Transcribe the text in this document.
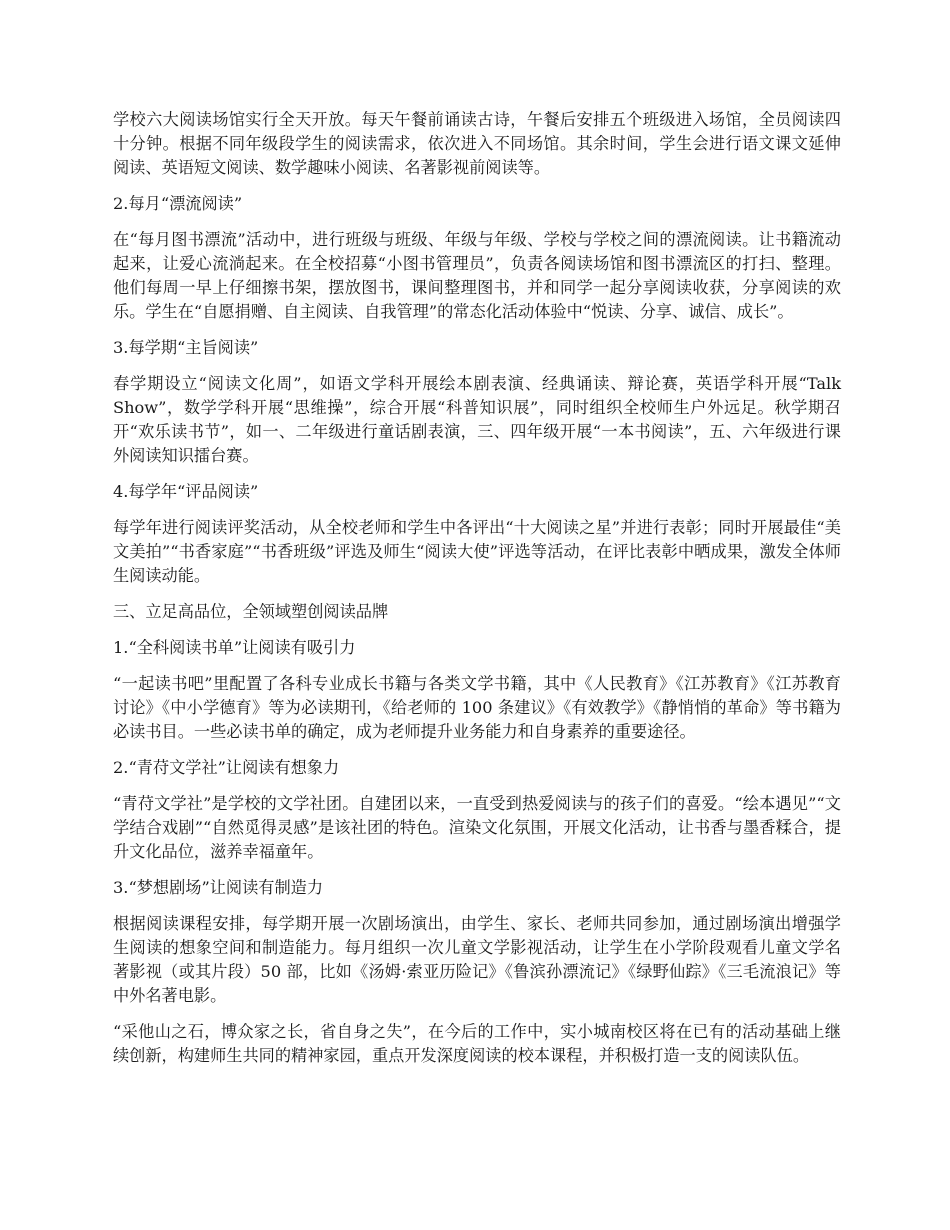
学校六大阅读场馆实行全天开放。每天午餐前诵读古诗，午餐后安排五个班级进入场馆，全员阅读四十分钟。根据不同年级段学生的阅读需求，依次进入不同场馆。其余时间，学生会进行语文课文延伸阅读、英语短文阅读、数学趣味小阅读、名著影视前阅读等。

2.每月“漂流阅读”

在“每月图书漂流”活动中，进行班级与班级、年级与年级、学校与学校之间的漂流阅读。让书籍流动起来，让爱心流淌起来。在全校招募“小图书管理员”，负责各阅读场馆和图书漂流区的打扫、整理。他们每周一早上仔细擦书架，摆放图书，课间整理图书，并和同学一起分享阅读收获，分享阅读的欢乐。学生在“自愿捐赠、自主阅读、自我管理”的常态化活动体验中“悦读、分享、诚信、成长”。

3.每学期“主旨阅读”

春学期设立“阅读文化周”，如语文学科开展绘本剧表演、经典诵读、辩论赛，英语学科开展“Talk Show”，数学学科开展“思维操”，综合开展“科普知识展”，同时组织全校师生户外远足。秋学期召开“欢乐读书节”，如一、二年级进行童话剧表演，三、四年级开展“一本书阅读”，五、六年级进行课外阅读知识擂台赛。

4.每学年“评品阅读”

每学年进行阅读评奖活动，从全校老师和学生中各评出“十大阅读之星”并进行表彰；同时开展最佳“美文美拍”“书香家庭”“书香班级”评选及师生“阅读大使”评选等活动，在评比表彰中晒成果，激发全体师生阅读动能。

三、立足高品位，全领域塑创阅读品牌

1.“全科阅读书单”让阅读有吸引力

“一起读书吧”里配置了各科专业成长书籍与各类文学书籍，其中《人民教育》《江苏教育》《江苏教育讨论》《中小学德育》等为必读期刊，《给老师的 100 条建议》《有效教学》《静悄悄的革命》等书籍为必读书目。一些必读书单的确定，成为老师提升业务能力和自身素养的重要途径。

2.“青苻文学社”让阅读有想象力

“青苻文学社”是学校的文学社团。自建团以来，一直受到热爱阅读与的孩子们的喜爱。“绘本遇见”“文学结合戏剧”“自然觅得灵感”是该社团的特色。渲染文化氛围，开展文化活动，让书香与墨香糅合，提升文化品位，滋养幸福童年。

3.“梦想剧场”让阅读有制造力

根据阅读课程安排，每学期开展一次剧场演出，由学生、家长、老师共同参加，通过剧场演出增强学生阅读的想象空间和制造能力。每月组织一次儿童文学影视活动，让学生在小学阶段观看儿童文学名著影视（或其片段）50 部，比如《汤姆·索亚历险记》《鲁滨孙漂流记》《绿野仙踪》《三毛流浪记》等中外名著电影。

“采他山之石，博众家之长，省自身之失”，在今后的工作中，实小城南校区将在已有的活动基础上继续创新，构建师生共同的精神家园，重点开发深度阅读的校本课程，并积极打造一支的阅读队伍。
